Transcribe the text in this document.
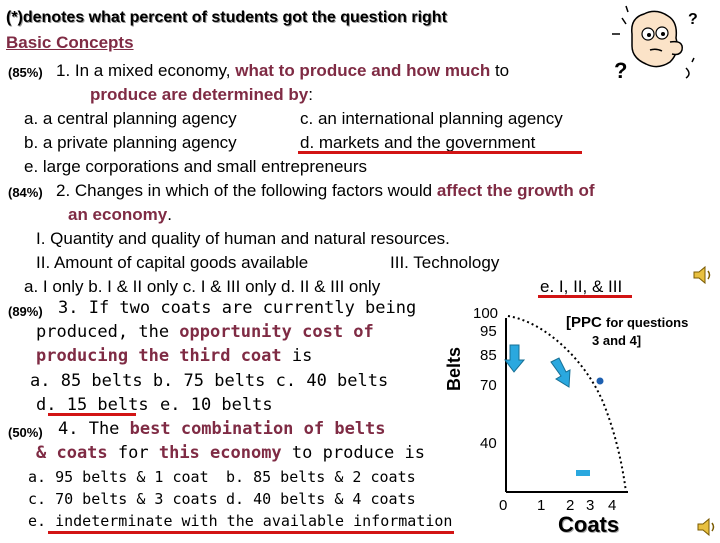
(*)denotes what percent of students got the question right
Basic Concepts
(85%) 1. In a mixed economy, what to produce and how much to
produce are determined by:
a. a central planning agency	c. an international planning agency
b. a private planning agency	d. markets and the government
e. large corporations and small entrepreneurs
(84%) 2. Changes in which of the following factors would affect the growth of
an economy.
I. Quantity and quality of human and natural resources.
II. Amount of capital goods available	III. Technology
a. I only b. I & II only c. I & III only d. II & III only	e. I, II, & III
(89%) 3. If two coats are currently being
produced, the opportunity cost of
producing the third coat is
a. 85 belts b. 75 belts c. 40 belts
d. 15 belts e. 10 belts
(50%) 4. The best combination of belts
& coats for this economy to produce is
a. 95 belts & 1 coat b. 85 belts & 2 coats
c. 70 belts & 3 coats d. 40 belts & 4 coats
e. indeterminate with the available information
?
?
[PPC for questions
3 and 4]
Belts
Coats
100
95
85
70
40
0 1 2 3 4
